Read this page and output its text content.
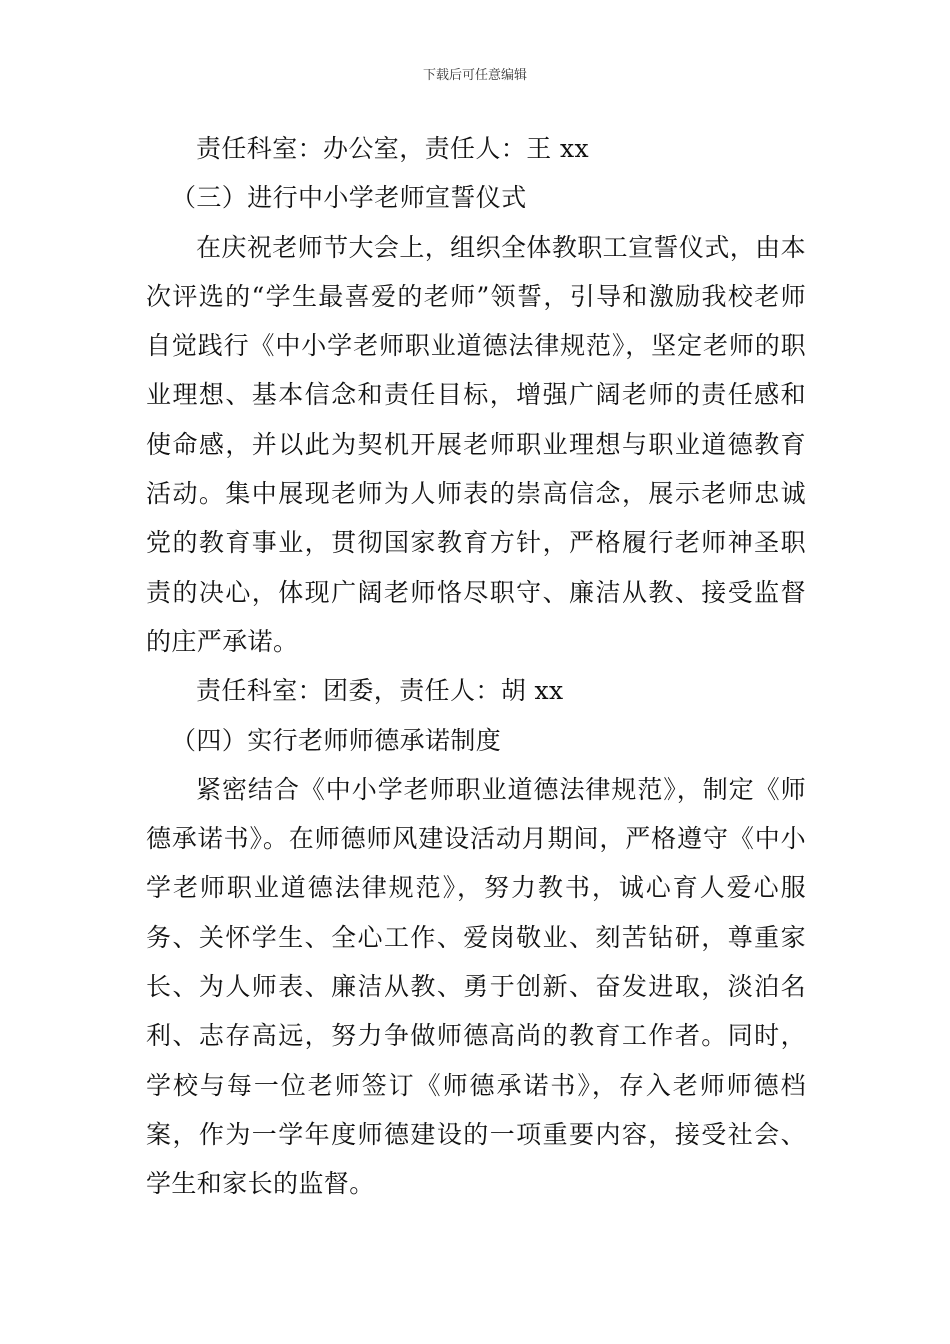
下载后可任意编辑

责任科室：办公室，责任人：王 xx

（三）进行中小学老师宣誓仪式

在庆祝老师节大会上，组织全体教职工宣誓仪式，由本次评选的“学生最喜爱的老师”领誓，引导和激励我校老师自觉践行《中小学老师职业道德法律规范》，坚定老师的职业理想、基本信念和责任目标，增强广阔老师的责任感和使命感，并以此为契机开展老师职业理想与职业道德教育活动。集中展现老师为人师表的崇高信念，展示老师忠诚党的教育事业，贯彻国家教育方针，严格履行老师神圣职责的决心，体现广阔老师恪尽职守、廉洁从教、接受监督的庄严承诺。

责任科室：团委，责任人：胡 xx

（四）实行老师师德承诺制度

紧密结合《中小学老师职业道德法律规范》，制定《师德承诺书》。在师德师风建设活动月期间，严格遵守《中小学老师职业道德法律规范》，努力教书，诚心育人爱心服务、关怀学生、全心工作、爱岗敬业、刻苦钻研，尊重家长、为人师表、廉洁从教、勇于创新、奋发进取，淡泊名利、志存高远，努力争做师德高尚的教育工作者。同时，学校与每一位老师签订《师德承诺书》，存入老师师德档案，作为一学年度师德建设的一项重要内容，接受社会、学生和家长的监督。
